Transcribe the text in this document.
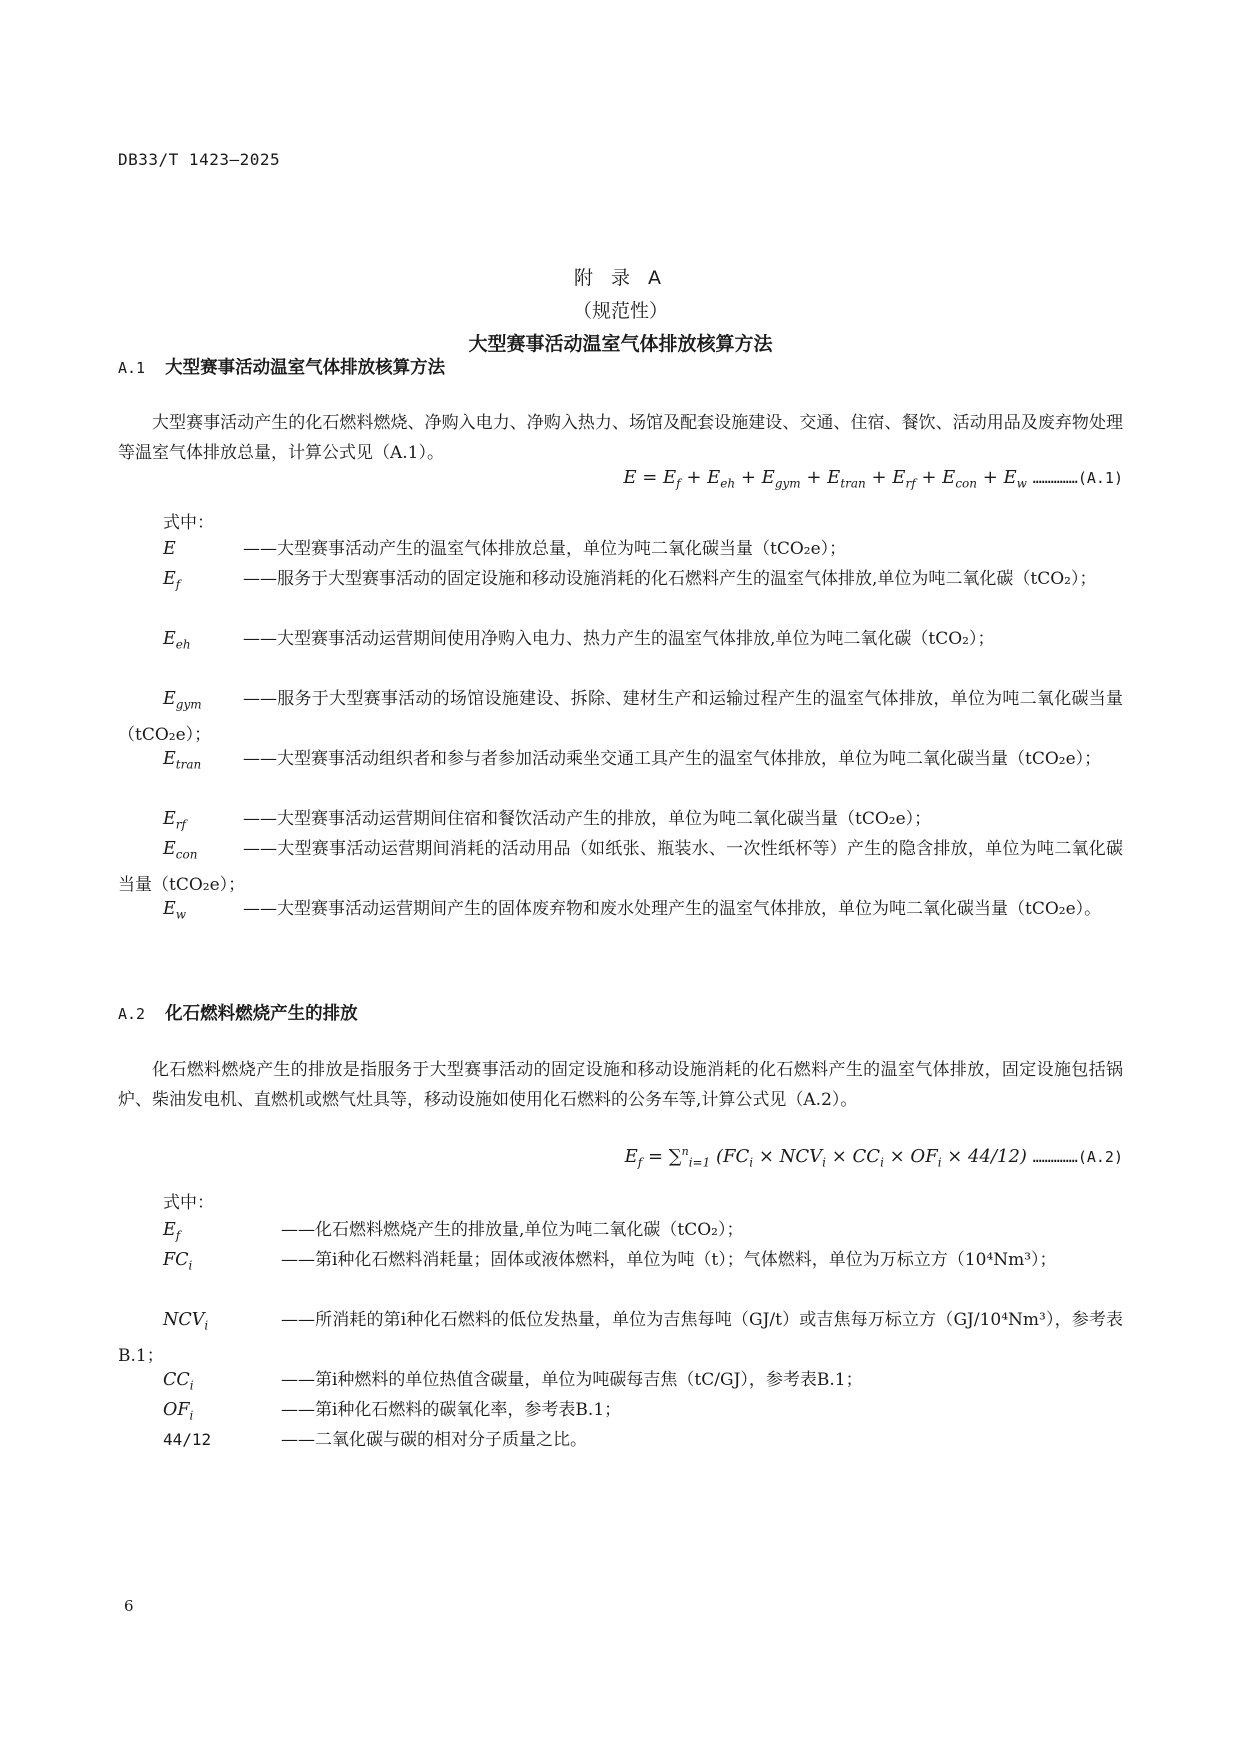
DB33/T 1423—2025
附 录 A
（规范性）
大型赛事活动温室气体排放核算方法
A.1 大型赛事活动温室气体排放核算方法
大型赛事活动产生的化石燃料燃烧、净购入电力、净购入热力、场馆及配套设施建设、交通、住宿、餐饮、活动用品及废弃物处理等温室气体排放总量，计算公式见（A.1）。
$E = E_f + E_{eh} + E_{gym} + E_{tran} + E_{rf} + E_{con} + E_w$ ……………(A.1)
式中：
E	——大型赛事活动产生的温室气体排放总量，单位为吨二氧化碳当量（tCO₂e）；
$E_f$	——服务于大型赛事活动的固定设施和移动设施消耗的化石燃料产生的温室气体排放,单位为吨二氧化碳（tCO₂）；
$E_{eh}$	——大型赛事活动运营期间使用净购入电力、热力产生的温室气体排放,单位为吨二氧化碳（tCO₂）；
$E_{gym}$ ——服务于大型赛事活动的场馆设施建设、拆除、建材生产和运输过程产生的温室气体排放，单位为吨二氧化碳当量（tCO₂e）；
$E_{tran}$ ——大型赛事活动组织者和参与者参加活动乘坐交通工具产生的温室气体排放，单位为吨二氧化碳当量（tCO₂e）；
$E_{rf}$	——大型赛事活动运营期间住宿和餐饮活动产生的排放，单位为吨二氧化碳当量（tCO₂e）；
$E_{con}$	——大型赛事活动运营期间消耗的活动用品（如纸张、瓶装水、一次性纸杯等）产生的隐含排放，单位为吨二氧化碳当量（tCO₂e）；
$E_w$	——大型赛事活动运营期间产生的固体废弃物和废水处理产生的温室气体排放，单位为吨二氧化碳当量（tCO₂e）。
A.2 化石燃料燃烧产生的排放
化石燃料燃烧产生的排放是指服务于大型赛事活动的固定设施和移动设施消耗的化石燃料产生的温室气体排放，固定设施包括锅炉、柴油发电机、直燃机或燃气灶具等，移动设施如使用化石燃料的公务车等,计算公式见（A.2）。
$E_f = \sum^n_{i=1}$ $(FC_i \times NCV_i \times CC_i \times OF_i \times 44/12)$ ……………(A.2)
式中：
$E_f$	——化石燃料燃烧产生的排放量,单位为吨二氧化碳（tCO₂）；
$FC_i$	——第i种化石燃料消耗量；固体或液体燃料，单位为吨（t）；气体燃料，单位为万标立方（10⁴Nm³）；
$NCV_i$	——所消耗的第i种化石燃料的低位发热量，单位为吉焦每吨（GJ/t）或吉焦每万标立方（GJ/10⁴Nm³），参考表B.1；
$CC_i$	——第i种燃料的单位热值含碳量，单位为吨碳每吉焦（tC/GJ），参考表B.1；
$OF_i$	——第i种化石燃料的碳氧化率，参考表B.1；
44/12	——二氧化碳与碳的相对分子质量之比。
6
